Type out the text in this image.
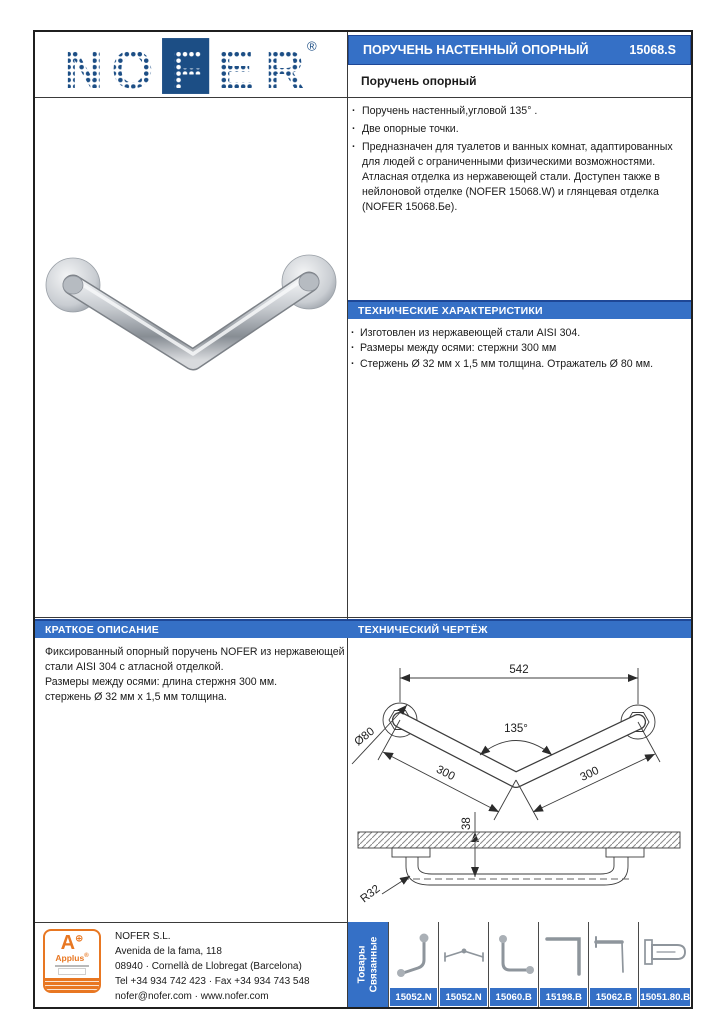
N O F E R ®	ПОРУЧЕНЬ НАСТЕННЫЙ ОПОРНЫЙ	15068.S
Поручень опорный
· Поручень настенный,угловой 135° .
· Две опорные точки.
· Предназначен для туалетов и ванных комнат, адаптированных для людей с ограниченными физическими возможностями. Атласная отделка из нержавеющей стали. Доступен также в нейлоновой отделке (NOFER 15068.W) и глянцевая отделка (NOFER 15068.Бе).
ТЕХНИЧЕСКИЕ ХАРАКТЕРИСТИКИ
· Изготовлен из нержавеющей стали AISI 304.
· Размеры между осями: стержни 300 мм
· Стержень Ø 32 мм x 1,5 мм толщина. Отражатель Ø 80 мм.
КРАТКОЕ ОПИСАНИЕ
Фиксированный опорный поручень NOFER из нержавеющей
стали AISI 304 с атласной отделкой.
Размеры между осями: длина стержня 300 мм.
стержень Ø 32 мм x 1,5 мм толщина.
ТЕХНИЧЕСКИЙ ЧЕРТЁЖ
542
135°
Ø80
300	300
38
R32
A⊕
Applus®
NOFER S.L.
Avenida de la fama, 118
08940 · Cornellà de Llobregat (Barcelona)
Tel +34 934 742 423 · Fax +34 934 743 548
nofer@nofer.com · www.nofer.com
Товары Связанные
15052.N	15052.N	15060.B	15198.B	15062.B 15051.80.B
